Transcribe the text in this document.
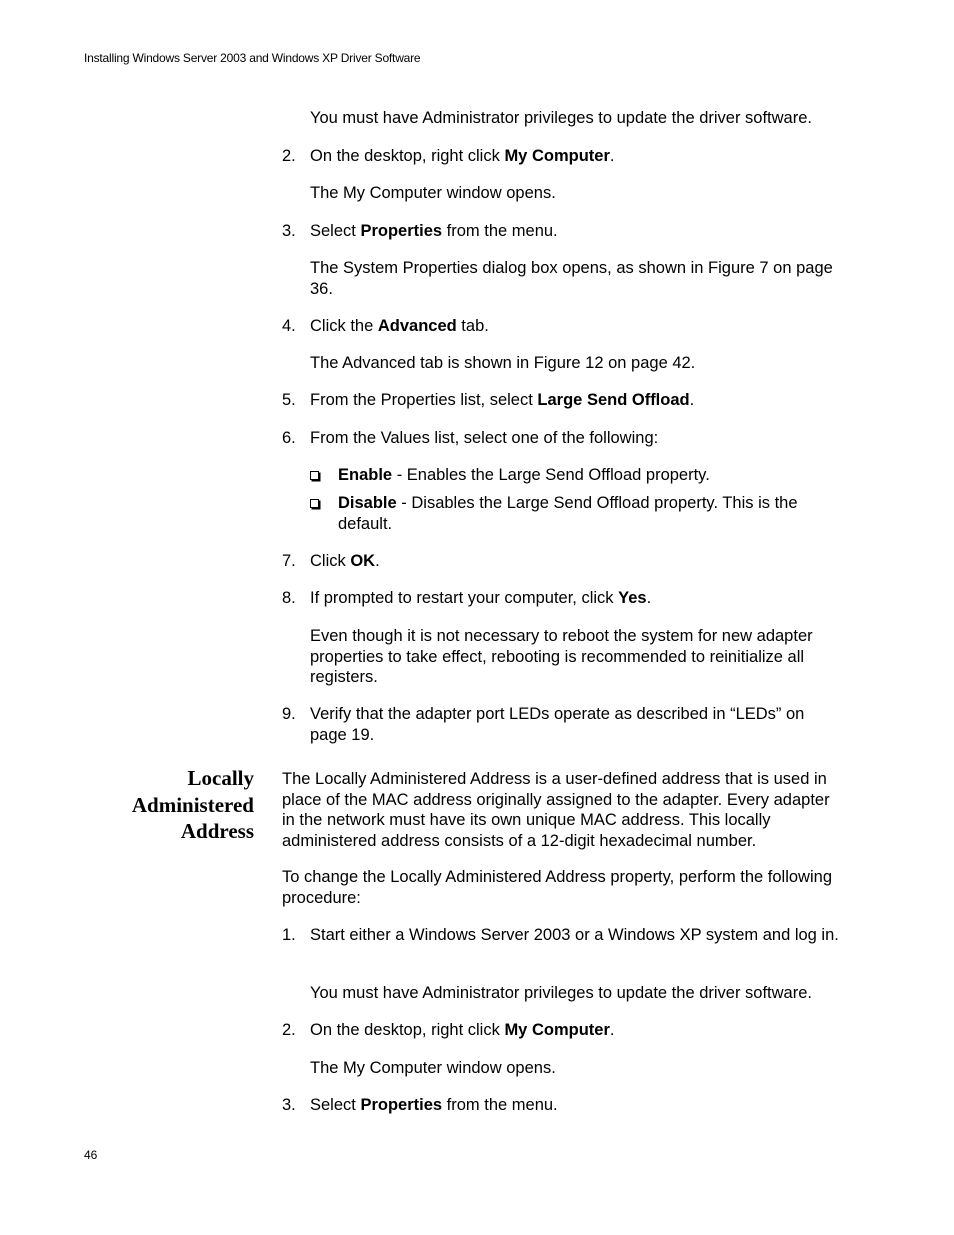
Installing Windows Server 2003 and Windows XP Driver Software
You must have Administrator privileges to update the driver software.
2. On the desktop, right click My Computer.
The My Computer window opens.
3. Select Properties from the menu.
The System Properties dialog box opens, as shown in Figure 7 on page 36.
4. Click the Advanced tab.
The Advanced tab is shown in Figure 12 on page 42.
5. From the Properties list, select Large Send Offload.
6. From the Values list, select one of the following:
Enable - Enables the Large Send Offload property.
Disable - Disables the Large Send Offload property. This is the default.
7. Click OK.
8. If prompted to restart your computer, click Yes.
Even though it is not necessary to reboot the system for new adapter properties to take effect, rebooting is recommended to reinitialize all registers.
9. Verify that the adapter port LEDs operate as described in “LEDs” on page 19.
Locally
Administered
Address
The Locally Administered Address is a user-defined address that is used in place of the MAC address originally assigned to the adapter. Every adapter in the network must have its own unique MAC address. This locally administered address consists of a 12-digit hexadecimal number.
To change the Locally Administered Address property, perform the following procedure:
1. Start either a Windows Server 2003 or a Windows XP system and log in.
You must have Administrator privileges to update the driver software.
2. On the desktop, right click My Computer.
The My Computer window opens.
3. Select Properties from the menu.
46
